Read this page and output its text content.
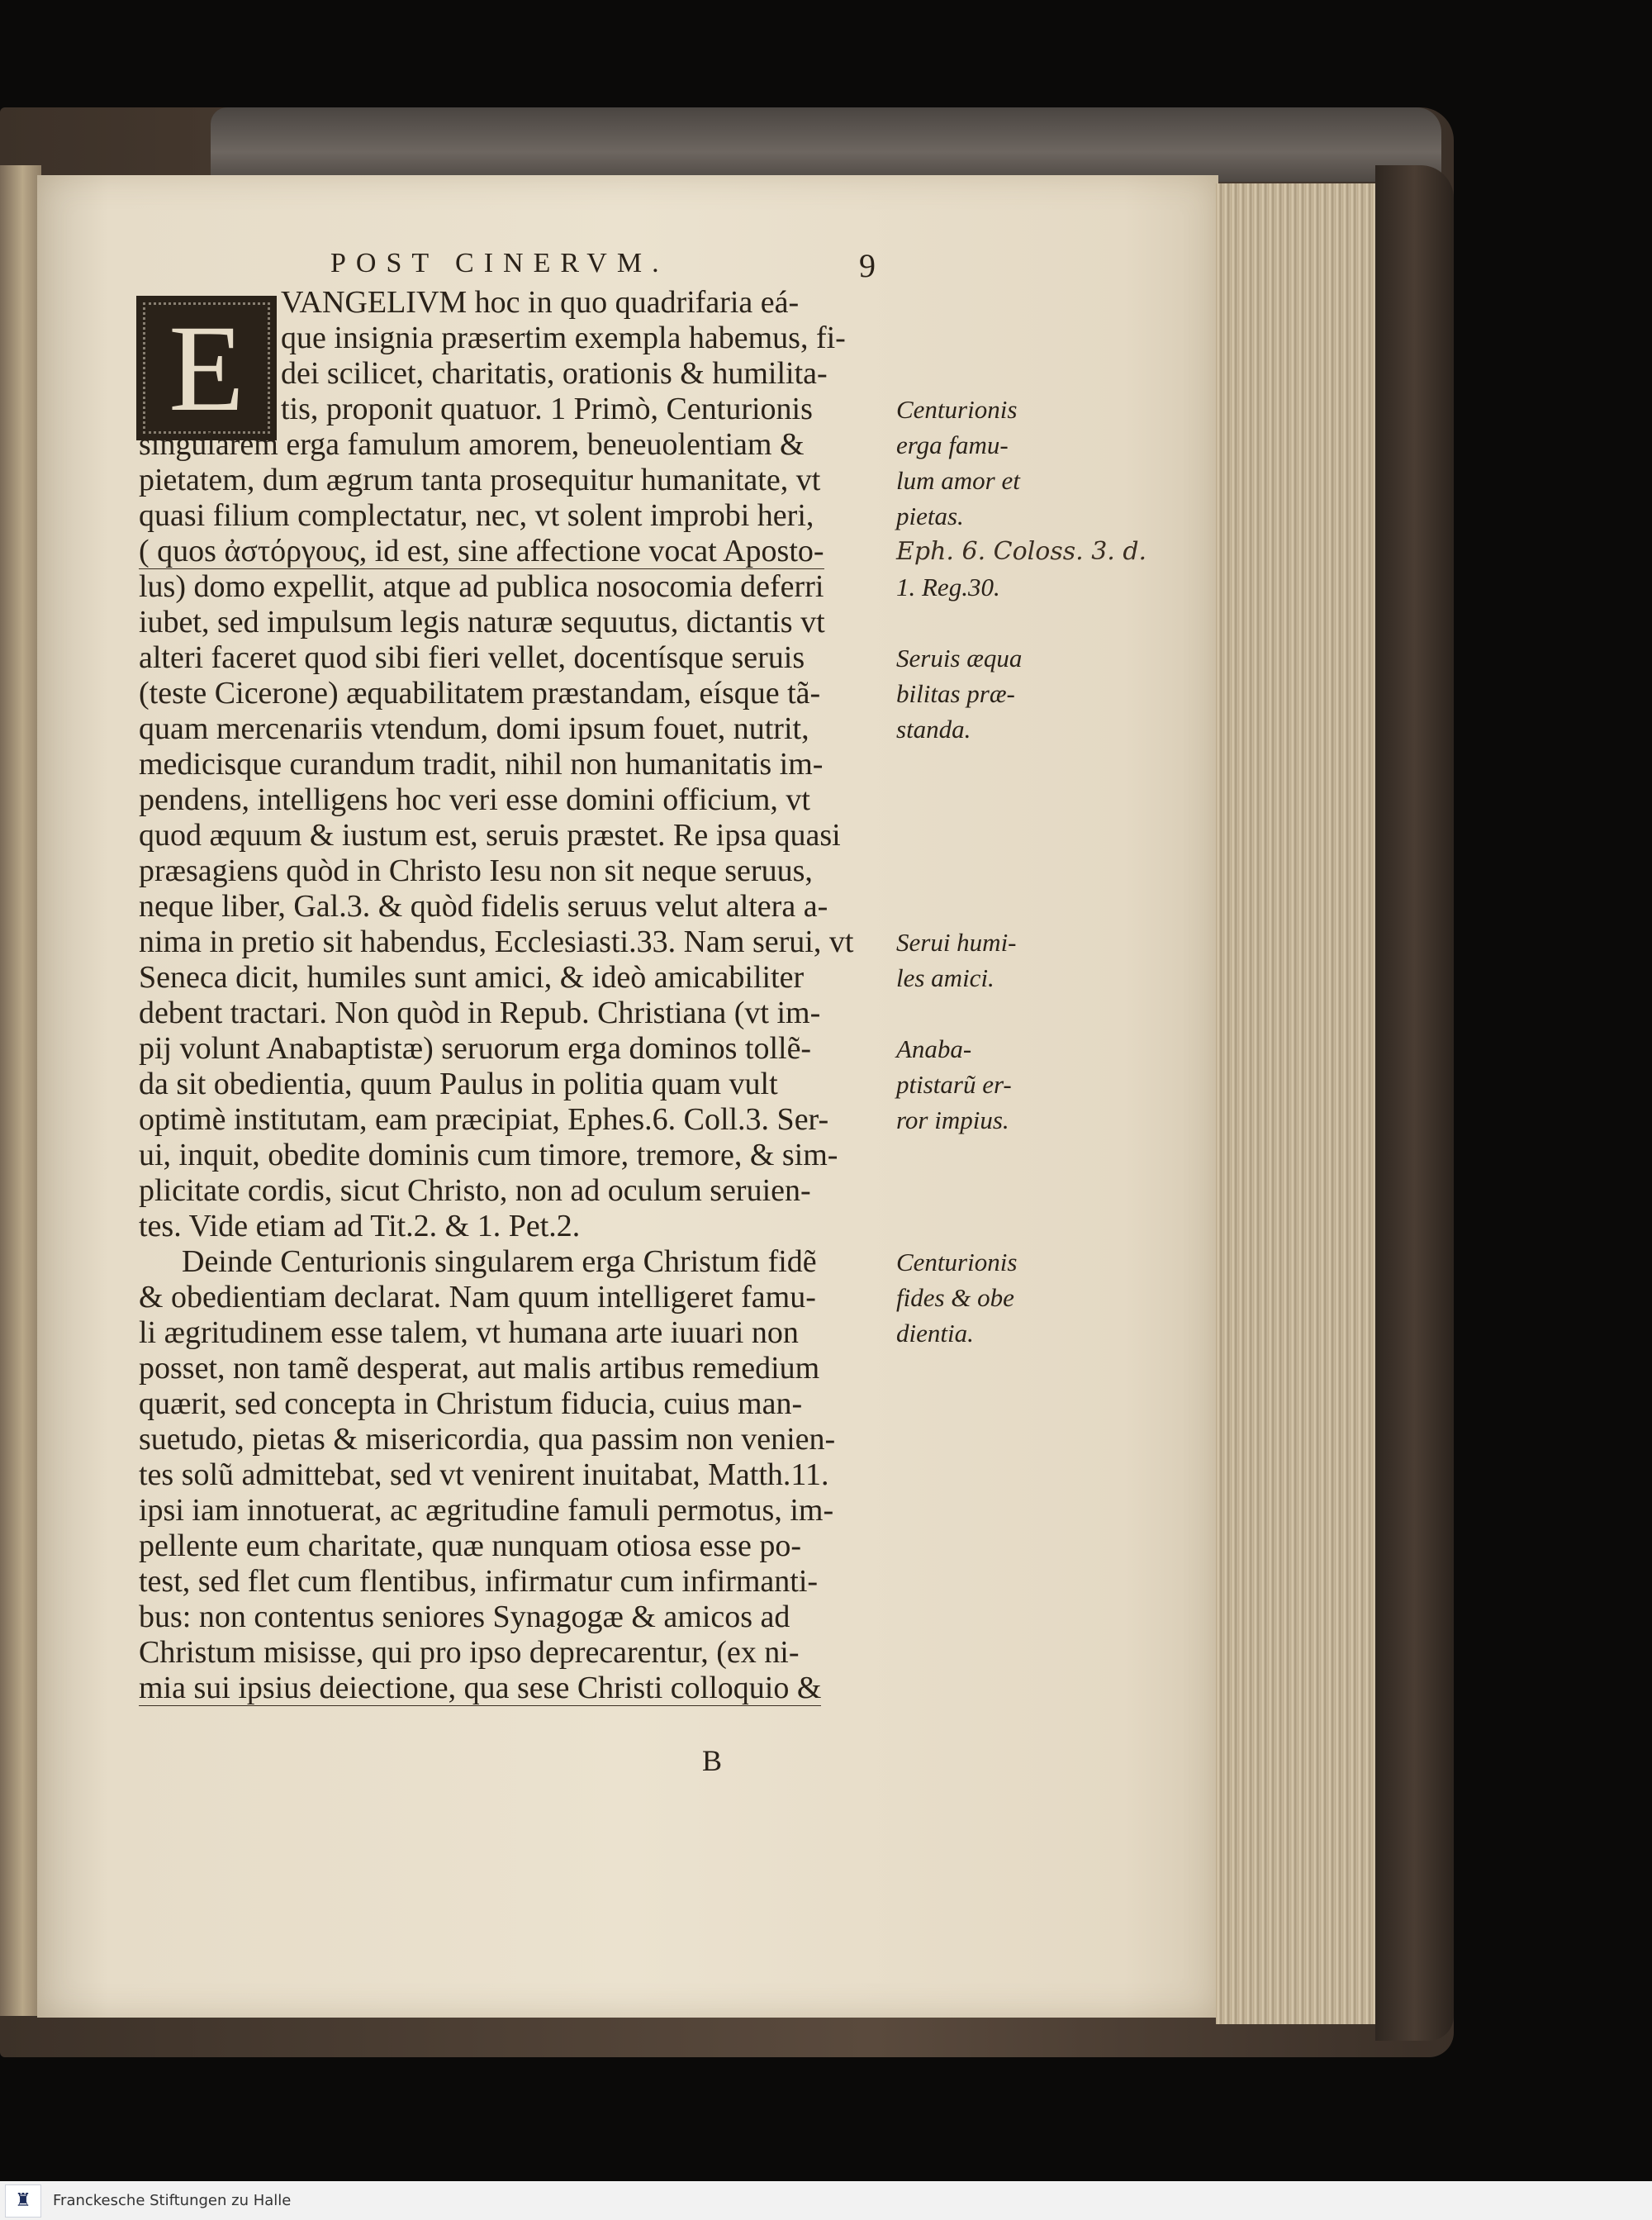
POST CINERVM.	9
E	VANGELIVM hoc in quo quadrifaria eá-
que insignia præsertim exempla habemus, fi-
dei scilicet, charitatis, orationis & humilita-
tis, proponit quatuor. 1 Primò, Centurionis
singularem erga famulum amorem, beneuolentiam &
pietatem, dum ægrum tanta prosequitur humanitate, vt
quasi filium complectatur, nec, vt solent improbi heri,
( quos ἀστόργους, id est, sine affectione vocat Aposto-
lus) domo expellit, atque ad publica nosocomia deferri
iubet, sed impulsum legis naturæ sequutus, dictantis vt
alteri faceret quod sibi fieri vellet, docentísque seruis
(teste Cicerone) æquabilitatem præstandam, eísque tã-
quam mercenariis vtendum, domi ipsum fouet, nutrit,
medicisque curandum tradit, nihil non humanitatis im-
pendens, intelligens hoc veri esse domini officium, vt
quod æquum & iustum est, seruis præstet. Re ipsa quasi
præsagiens quòd in Christo Iesu non sit neque seruus,
neque liber, Gal.3. & quòd fidelis seruus velut altera a-
nima in pretio sit habendus, Ecclesiasti.33. Nam serui, vt
Seneca dicit, humiles sunt amici, & ideò amicabiliter
debent tractari. Non quòd in Repub. Christiana (vt im-
pij volunt Anabaptistæ) seruorum erga dominos tollẽ-
da sit obedientia, quum Paulus in politia quam vult
optimè institutam, eam præcipiat, Ephes.6. Coll.3. Ser-
ui, inquit, obedite dominis cum timore, tremore, & sim-
plicitate cordis, sicut Christo, non ad oculum seruien-
tes. Vide etiam ad Tit.2. & 1. Pet.2.
Deinde Centurionis singularem erga Christum fidẽ
& obedientiam declarat. Nam quum intelligeret famu-
li ægritudinem esse talem, vt humana arte iuuari non
posset, non tamẽ desperat, aut malis artibus remedium
quærit, sed concepta in Christum fiducia, cuius man-
suetudo, pietas & misericordia, qua passim non venien-
tes solũ admittebat, sed vt venirent inuitabat, Matth.11.
ipsi iam innotuerat, ac ægritudine famuli permotus, im-
pellente eum charitate, quæ nunquam otiosa esse po-
test, sed flet cum flentibus, infirmatur cum infirmanti-
bus: non contentus seniores Synagogæ & amicos ad
Christum misisse, qui pro ipso deprecarentur, (ex ni-
mia sui ipsius deiectione, qua sese Christi colloquio &
Centurionis
erga famu-
lum amor et
pietas.
Eph. 6. Coloss. 3. d.
1. Reg.30.
Seruis æqua
bilitas præ-
standa.
Serui humi-
les amici.
Anaba-
ptistarũ er-
ror impius.
Centurionis
fides & obe
dientia.
B
♜	Franckesche Stiftungen zu Halle
